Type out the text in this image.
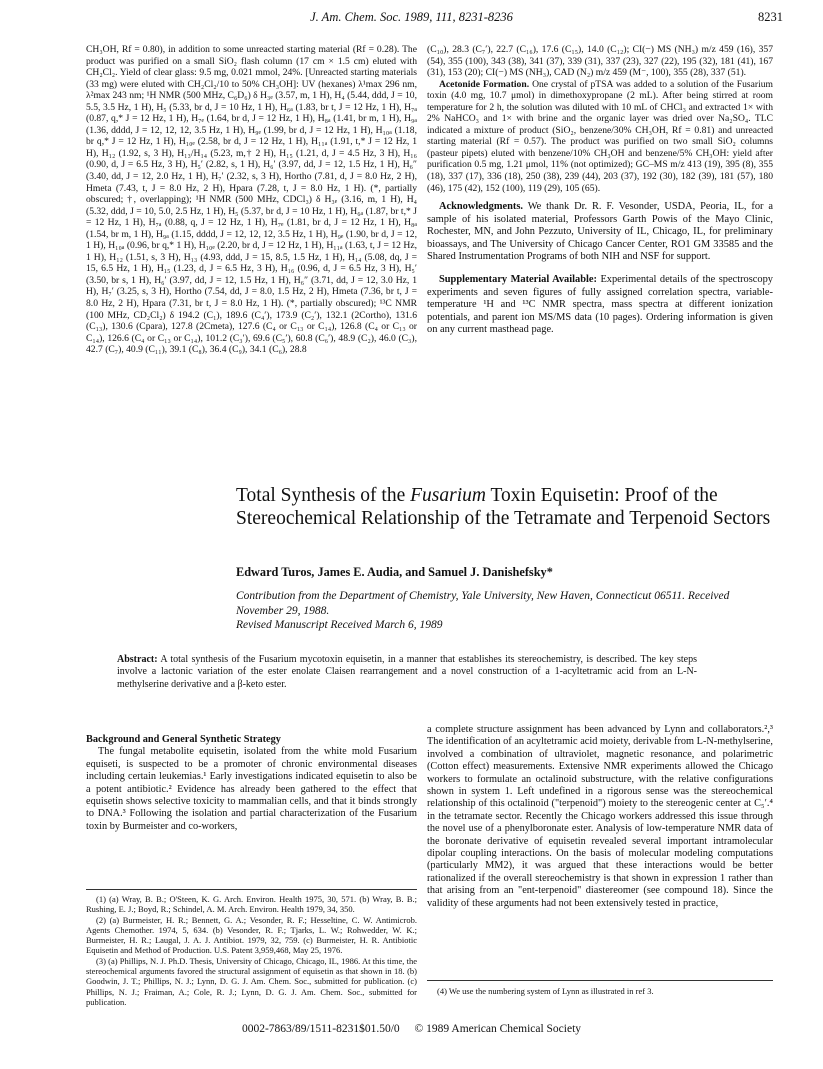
J. Am. Chem. Soc. 1989, 111, 8231-8236	8231

CH₃OH, Rf = 0.80), in addition to some unreacted starting material (Rf = 0.28). The product was purified on a small SiO₂ flash column (17 cm × 1.5 cm) eluted with CH₂Cl₂. Yield of clear glass: 9.5 mg, 0.021 mmol, 24%. [Unreacted starting materials (33 mg) were eluted with CH₂Cl₂/10 to 50% CH₃OH]: UV (hexanes) λ¹max 296 nm, λ²max 243 nm; ¹H NMR (500 MHz, C₆D₆) δ H₃ₑ (3.57, m, 1 H), H₄ (5.44, ddd, J = 10, 5.5, 3.5 Hz, 1 H), H₅ (5.33, br d, J = 10 Hz, 1 H), H₆ₐ (1.83, br t, J = 12 Hz, 1 H), H₇ₐ (0.87, q,* J = 12 Hz, 1 H), H₇ₑ (1.64, br d, J = 12 Hz, 1 H), H₈ₐ (1.41, br m, 1 H), H₉ₐ (1.36, dddd, J = 12, 12, 12, 3.5 Hz, 1 H), H₉ₑ (1.99, br d, J = 12 Hz, 1 H), H₁₀ₐ (1.18, br q,* J = 12 Hz, 1 H), H₁₀ₑ (2.58, br d, J = 12 Hz, 1 H), H₁₁ₐ (1.91, t,* J = 12 Hz, 1 H), H₁₂ (1.92, s, 3 H), H₁₃/H₁₄ (5.23, m,† 2 H), H₁₅ (1.21, d, J = 4.5 Hz, 3 H), H₁₆ (0.90, d, J = 6.5 Hz, 3 H), H₅′ (2.82, s, 1 H), H₆′ (3.97, dd, J = 12, 1.5 Hz, 1 H), H₆″ (3.40, dd, J = 12, 2.0 Hz, 1 H), H₇′ (2.32, s, 3 H), Hortho (7.81, d, J = 8.0 Hz, 2 H), Hmeta (7.43, t, J = 8.0 Hz, 2 H), Hpara (7.28, t, J = 8.0 Hz, 1 H). (*, partially obscured; †, overlapping); ¹H NMR (500 MHz, CDCl₃) δ H₃ₑ (3.16, m, 1 H), H₄ (5.32, ddd, J = 10, 5.0, 2.5 Hz, 1 H), H₅ (5.37, br d, J = 10 Hz, 1 H), H₆ₐ (1.87, br t,* J = 12 Hz, 1 H), H₇ₐ (0.88, q, J = 12 Hz, 1 H), H₇ₑ (1.81, br d, J = 12 Hz, 1 H), H₈ₐ (1.54, br m, 1 H), H₉ₐ (1.15, dddd, J = 12, 12, 12, 3.5 Hz, 1 H), H₉ₑ (1.90, br d, J = 12, 1 H), H₁₀ₐ (0.96, br q,* 1 H), H₁₀ₑ (2.20, br d, J = 12 Hz, 1 H), H₁₁ₐ (1.63, t, J = 12 Hz, 1 H), H₁₂ (1.51, s, 3 H), H₁₃ (4.93, ddd, J = 15, 8.5, 1.5 Hz, 1 H), H₁₄ (5.08, dq, J = 15, 6.5 Hz, 1 H), H₁₅ (1.23, d, J = 6.5 Hz, 3 H), H₁₆ (0.96, d, J = 6.5 Hz, 3 H), H₅′ (3.50, br s, 1 H), H₆′ (3.97, dd, J = 12, 1.5 Hz, 1 H), H₆″ (3.71, dd, J = 12, 3.0 Hz, 1 H), H₇′ (3.25, s, 3 H), Hortho (7.54, dd, J = 8.0, 1.5 Hz, 2 H), Hmeta (7.36, br t, J = 8.0 Hz, 2 H), Hpara (7.31, br t, J = 8.0 Hz, 1 H). (*, partially obscured); ¹³C NMR (100 MHz, CD₂Cl₂) δ 194.2 (C₁), 189.6 (C₄′), 173.9 (C₂′), 132.1 (2Cortho), 131.6 (C₁₃), 130.6 (Cpara), 127.8 (2Cmeta), 127.6 (C₄ or C₁₃ or C₁₄), 126.8 (C₄ or C₁₃ or C₁₄), 126.6 (C₄ or C₁₃ or C₁₄), 101.2 (C₃′), 69.6 (C₅′), 60.8 (C₆′), 48.9 (C₂), 46.0 (C₃), 42.7 (C₇), 40.9 (C₁₁), 39.1 (C₈), 36.4 (C₉), 34.1 (C₆), 28.8

(C₁₀), 28.3 (C₇′), 22.7 (C₁₆), 17.6 (C₁₅), 14.0 (C₁₂); CI(−) MS (NH₃) m/z 459 (16), 357 (54), 355 (100), 343 (38), 341 (37), 339 (31), 337 (23), 327 (22), 195 (32), 181 (41), 167 (31), 153 (20); CI(−) MS (NH₃), CAD (N₂) m/z 459 (M⁻, 100), 355 (28), 337 (51).

Acetonide Formation. One crystal of pTSA was added to a solution of the Fusarium toxin (4.0 mg, 10.7 μmol) in dimethoxypropane (2 mL). After being stirred at room temperature for 2 h, the solution was diluted with 10 mL of CHCl₃ and extracted 1× with 2% NaHCO₃ and 1× with brine and the organic layer was dried over Na₂SO₄. TLC indicated a mixture of product (SiO₂, benzene/30% CH₃OH, Rf = 0.81) and unreacted starting material (Rf = 0.57). The product was purified on two small SiO₂ columns (pasteur pipets) eluted with benzene/10% CH₃OH and benzene/5% CH₃OH: yield after purification 0.5 mg, 1.21 μmol, 11% (not optimized); GC–MS m/z 413 (19), 395 (8), 355 (18), 337 (17), 336 (18), 250 (38), 239 (44), 203 (37), 192 (30), 182 (39), 181 (57), 180 (46), 175 (42), 152 (100), 119 (29), 105 (65).

Acknowledgments. We thank Dr. R. F. Vesonder, USDA, Peoria, IL, for a sample of his isolated material, Professors Garth Powis of the Mayo Clinic, Rochester, MN, and John Pezzuto, University of IL, Chicago, IL, for preliminary bioassays, and The University of Chicago Cancer Center, RO1 GM 33585 and the Shared Instrumentation Programs of both NIH and NSF for support.

Supplementary Material Available: Experimental details of the spectroscopy experiments and seven figures of fully assigned correlation spectra, variable-temperature ¹H and ¹³C NMR spectra, mass spectra at different ionization potentials, and parent ion MS/MS data (10 pages). Ordering information is given on any current masthead page.

Total Synthesis of the Fusarium Toxin Equisetin: Proof of the Stereochemical Relationship of the Tetramate and Terpenoid Sectors
Edward Turos, James E. Audia, and Samuel J. Danishefsky*
Contribution from the Department of Chemistry, Yale University, New Haven, Connecticut 06511. Received November 29, 1988.
Revised Manuscript Received March 6, 1989
Abstract: A total synthesis of the Fusarium mycotoxin equisetin, in a manner that establishes its stereochemistry, is described. The key steps involve a lactonic variation of the ester enolate Claisen rearrangement and a novel construction of a 1-acyltetramic acid from an L-N-methylserine derivative and a β-keto ester.
Background and General Synthetic Strategy

The fungal metabolite equisetin, isolated from the white mold Fusarium equiseti, is suspected to be a promoter of chronic environmental diseases including certain leukemias.¹ Early investigations indicated equisetin to also be a potent antibiotic.² Evidence has already been gathered to the effect that equisetin shows selective toxicity to mammalian cells, and that it binds strongly to DNA.³ Following the isolation and partial characterization of the Fusarium toxin by Burmeister and co-workers,

a complete structure assignment has been advanced by Lynn and collaborators.²,³ The identification of an acyltetramic acid moiety, derivable from L-N-methylserine, involved a combination of ultraviolet, magnetic resonance, and polarimetric (Cotton effect) measurements. Extensive NMR experiments allowed the Chicago workers to formulate an octalinoid substructure, with the relative configurations shown in system 1. Left undefined in a rigorous sense was the stereochemical relationship of this octalinoid ("terpenoid") moiety to the stereogenic center at C₅′.⁴ in the tetramate sector. Recently the Chicago workers addressed this issue through the novel use of a phenylboronate ester. Analysis of low-temperature NMR data of the boronate derivative of equisetin revealed several important intramolecular dipolar coupling interactions. On the basis of molecular modeling computations (particularly MM2), it was argued that these interactions would be better rationalized if the overall stereochemistry is that shown in expression 1 rather than that arising from an "ent-terpenoid" diastereomer (see compound 18). Since the validity of these arguments had not been extensively tested in practice,

(1) (a) Wray, B. B.; O'Steen, K. G. Arch. Environ. Health 1975, 30, 571. (b) Wray, B. B.; Rushing, E. J.; Boyd, R.; Schindel, A. M. Arch. Environ. Health 1979, 34, 350.

(2) (a) Burmeister, H. R.; Bennett, G. A.; Vesonder, R. F.; Hesseltine, C. W. Antimicrob. Agents Chemother. 1974, 5, 634. (b) Vesonder, R. F.; Tjarks, L. W.; Rohwedder, W. K.; Burmeister, H. R.; Laugal, J. A. J. Antibiot. 1979, 32, 759. (c) Burmeister, H. R. Antibiotic Equisetin and Method of Production. U.S. Patent 3,959,468, May 25, 1976.

(3) (a) Phillips, N. J. Ph.D. Thesis, University of Chicago, Chicago, IL, 1986. At this time, the stereochemical arguments favored the structural assignment of equisetin as that shown in 18. (b) Goodwin, J. T.; Phillips, N. J.; Lynn, D. G. J. Am. Chem. Soc., submitted for publication. (c) Phillips, N. J.; Fraiman, A.; Cole, R. J.; Lynn, D. G. J. Am. Chem. Soc., submitted for publication.

(4) We use the numbering system of Lynn as illustrated in ref 3.

0002-7863/89/1511-8231$01.50/0 © 1989 American Chemical Society
